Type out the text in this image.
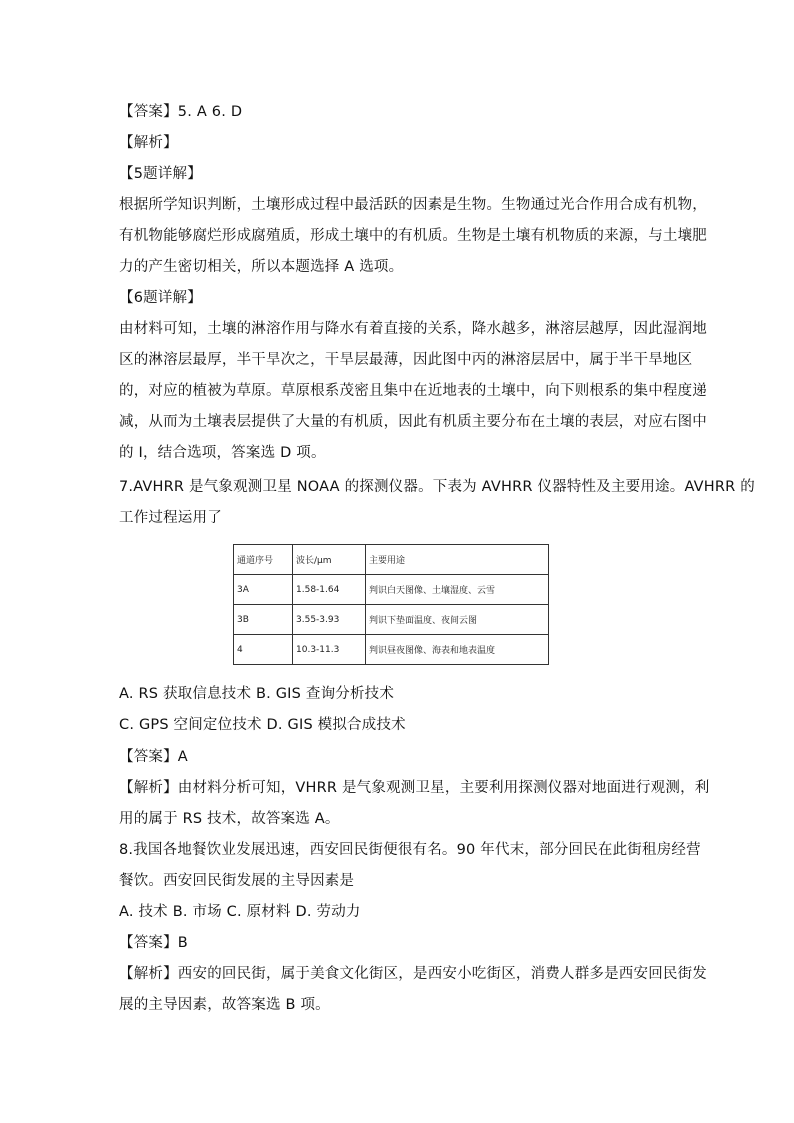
【答案】5. A 6. D
【解析】
【5题详解】
根据所学知识判断，土壤形成过程中最活跃的因素是生物。生物通过光合作用合成有机物，
有机物能够腐烂形成腐殖质，形成土壤中的有机质。生物是土壤有机物质的来源，与土壤肥
力的产生密切相关，所以本题选择 A 选项。
【6题详解】
由材料可知，土壤的淋溶作用与降水有着直接的关系，降水越多，淋溶层越厚，因此湿润地
区的淋溶层最厚，半干旱次之，干旱层最薄，因此图中丙的淋溶层居中，属于半干旱地区
的，对应的植被为草原。草原根系茂密且集中在近地表的土壤中，向下则根系的集中程度递
减，从而为土壤表层提供了大量的有机质，因此有机质主要分布在土壤的表层，对应右图中
的 I，结合选项，答案选 D 项。
7.AVHRR 是气象观测卫星 NOAA 的探测仪器。下表为 AVHRR 仪器特性及主要用途。AVHRR 的
工作过程运用了
通道序号	波长/μm	主要用途
3A	1.58-1.64	判识白天图像、土壤湿度、云雪
3B	3.55-3.93	判识下垫面温度、夜间云图
4	10.3-11.3	判识昼夜图像、海表和地表温度
A. RS 获取信息技术 B. GIS 查询分析技术
C. GPS 空间定位技术 D. GIS 模拟合成技术
【答案】A
【解析】由材料分析可知，VHRR 是气象观测卫星，主要利用探测仪器对地面进行观测，利
用的属于 RS 技术，故答案选 A。
8.我国各地餐饮业发展迅速，西安回民街便很有名。90 年代末，部分回民在此街租房经营
餐饮。西安回民街发展的主导因素是
A. 技术 B. 市场 C. 原材料 D. 劳动力
【答案】B
【解析】西安的回民街，属于美食文化街区，是西安小吃街区，消费人群多是西安回民街发
展的主导因素，故答案选 B 项。
